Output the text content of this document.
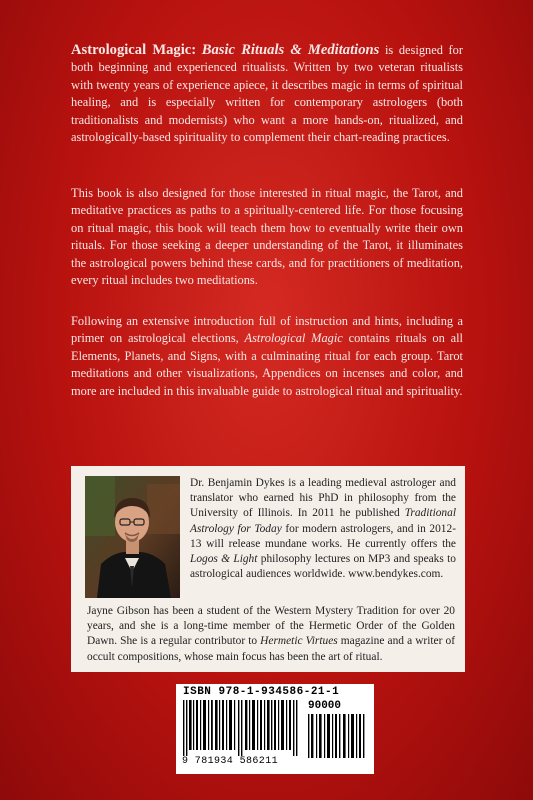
Astrological Magic: Basic Rituals & Meditations is designed for both beginning and experienced ritualists. Written by two veteran ritualists with twenty years of experience apiece, it describes magic in terms of spiritual healing, and is especially written for contemporary astrologers (both traditionalists and modernists) who want a more hands-on, ritualized, and astrologically-based spirituality to complement their chart-reading practices.
This book is also designed for those interested in ritual magic, the Tarot, and meditative practices as paths to a spiritually-centered life. For those focusing on ritual magic, this book will teach them how to eventually write their own rituals. For those seeking a deeper understanding of the Tarot, it illuminates the astrological powers behind these cards, and for practitioners of meditation, every ritual includes two meditations.
Following an extensive introduction full of instruction and hints, including a primer on astrological elections, Astrological Magic contains rituals on all Elements, Planets, and Signs, with a culminating ritual for each group. Tarot meditations and other visualizations, Appendices on incenses and color, and more are included in this invaluable guide to astrological ritual and spirituality.
Dr. Benjamin Dykes is a leading medieval astrologer and translator who earned his PhD in philosophy from the University of Illinois. In 2011 he published Traditional Astrology for Today for modern astrologers, and in 2012-13 will release mundane works. He currently offers the Logos & Light philosophy lectures on MP3 and speaks to astrological audiences worldwide. www.bendykes.com.
Jayne Gibson has been a student of the Western Mystery Tradition for over 20 years, and she is a long-time member of the Hermetic Order of the Golden Dawn. She is a regular contributor to Hermetic Virtues magazine and a writer of occult compositions, whose main focus has been the art of ritual.
ISBN 978-1-934586-21-1
90000
9 781934 586211
